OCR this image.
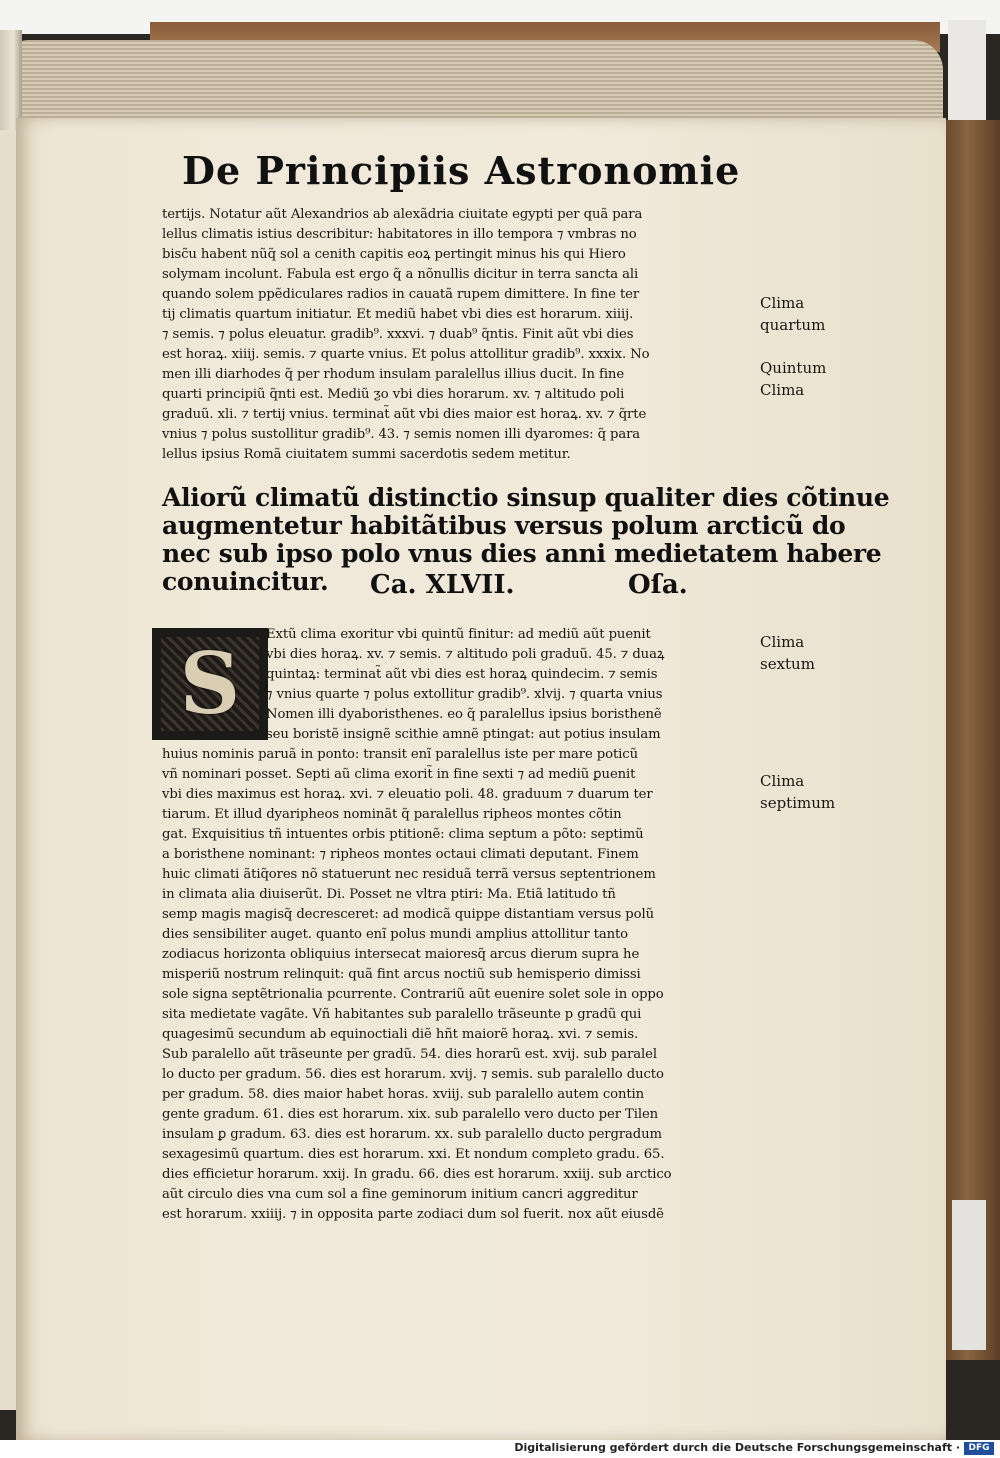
De Principiis Astronomie
tertijs. Notatur aũt Alexandrios ab alexãdria ciuitate egypti per quã para
lellus climatis istius describitur: habitatores in illo tempora ⁊ vmbras no
bisc̃u habent nũq̃ sol a cenith capitis eoꝝ pertingit minus his qui Hiero
solymam incolunt. Fabula est ergo q̃ a nõnullis dicitur in terra sancta ali
quando solem ppẽdiculares radios in cauatã rupem dimittere. In fine ter
tij climatis quartum initiatur. Et mediũ habet vbi dies est horarum. xiiij.
⁊ semis. ⁊ polus eleuatur. gradib⁹. xxxvi. ⁊ duab⁹ q̃ntis. Finit aũt vbi dies
est horaꝝ. xiiij. semis. ⁊ quarte vnius. Et polus attollitur gradib⁹. xxxix. No
men illi diarhodes q̃ per rhodum insulam paralellus illius ducit. In fine
quarti principiũ q̃nti est. Mediũ ƺo vbi dies horarum. xv. ⁊ altitudo poli
graduũ. xli. ⁊ tertij vnius. terminat̃ aũt vbi dies maior est horaꝝ. xv. ⁊ q̃rte
vnius ⁊ polus sustollitur gradib⁹. 43. ⁊ semis nomen illi dyaromes: q̃ para
lellus ipsius Romã ciuitatem summi sacerdotis sedem metitur.
Aliorũ climatũ distinctio sinsup qualiter dies cõtinue
augmentetur habitãtibus versus polum arcticũ do
nec sub ipso polo vnus dies anni medietatem habere
conuincitur.	Ca. XLVII.	Oſa.
S	Extũ clima exoritur vbi quintũ finitur: ad mediũ aũt puenit
vbi dies horaꝝ. xv. ⁊ semis. ⁊ altitudo poli graduũ. 45. ⁊ duaꝝ
quintaꝝ: terminat̃ aũt vbi dies est horaꝝ quindecim. ⁊ semis
⁊ vnius quarte ⁊ polus extollitur gradib⁹. xlvij. ⁊ quarta vnius
Nomen illi dyaboristhenes. eo q̃ paralellus ipsius boristhenẽ
seu boristẽ insignẽ scithie amnẽ ptingat: aut potius insulam
huius nominis paruã in ponto: transit enĩ paralellus iste per mare poticũ
vñ nominari posset. Septi aũ clima exorit̃ in fine sexti ⁊ ad mediũ ꝑuenit
vbi dies maximus est horaꝝ. xvi. ⁊ eleuatio poli. 48. graduum ⁊ duarum ter
tiarum. Et illud dyaripheos nominãt q̃ paralellus ripheos montes cõtin
gat. Exquisitius tñ intuentes orbis ptitionẽ: clima septum a põto: septimũ
a boristhene nominant: ⁊ ripheos montes octaui climati deputant. Finem
huic climati ãtiq̃ores nõ statuerunt nec residuã terrã versus septentrionem
in climata alia diuiserũt. Di. Posset ne vltra ptiri: Ma. Etiã latitudo tñ
semp magis magisq̃ decresceret: ad modicã quippe distantiam versus polũ
dies sensibiliter auget. quanto enĩ polus mundi amplius attollitur tanto
zodiacus horizonta obliquius intersecat maioresq̃ arcus dierum supra he
misperiũ nostrum relinquit: quã fint arcus noctiũ sub hemisperio dimissi
sole signa septẽtrionalia pcurrente. Contrariũ aũt euenire solet sole in oppo
sita medietate vagãte. Vñ habitantes sub paralello trãseunte p gradũ qui
quagesimũ secundum ab equinoctiali diẽ hñt maiorẽ horaꝝ. xvi. ⁊ semis.
Sub paralello aũt trãseunte per gradũ. 54. dies horarũ est. xvij. sub paralel
lo ducto per gradum. 56. dies est horarum. xvij. ⁊ semis. sub paralello ducto
per gradum. 58. dies maior habet horas. xviij. sub paralello autem contin
gente gradum. 61. dies est horarum. xix. sub paralello vero ducto per Tilen
insulam ꝑ gradum. 63. dies est horarum. xx. sub paralello ducto pergradum
sexagesimũ quartum. dies est horarum. xxi. Et nondum completo gradu. 65.
dies efficietur horarum. xxij. In gradu. 66. dies est horarum. xxiij. sub arctico
aũt circulo dies vna cum sol a fine geminorum initium cancri aggreditur
est horarum. xxiiij. ⁊ in opposita parte zodiaci dum sol fuerit. nox aũt eiusdẽ
Clima
quartum
Quintum
Clima
Clima
sextum
Clima
septimum
Digitalisierung gefördert durch die Deutsche Forschungsgemeinschaft · DFG
